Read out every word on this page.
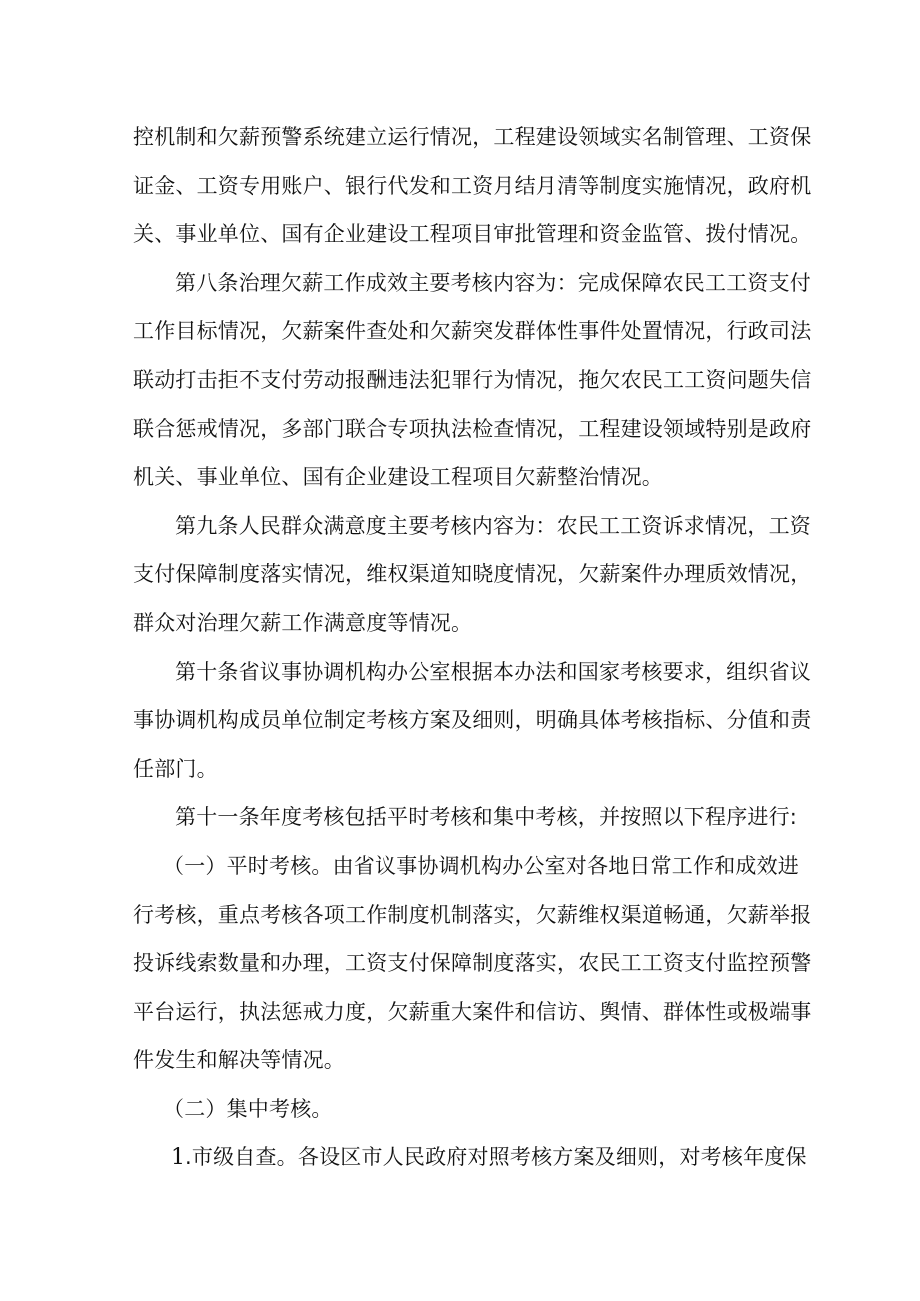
控机制和欠薪预警系统建立运行情况，工程建设领域实名制管理、工资保
证金、工资专用账户、银行代发和工资月结月清等制度实施情况，政府机
关、事业单位、国有企业建设工程项目审批管理和资金监管、拨付情况。
第八条治理欠薪工作成效主要考核内容为：完成保障农民工工资支付
工作目标情况，欠薪案件查处和欠薪突发群体性事件处置情况，行政司法
联动打击拒不支付劳动报酬违法犯罪行为情况，拖欠农民工工资问题失信
联合惩戒情况，多部门联合专项执法检查情况，工程建设领域特别是政府
机关、事业单位、国有企业建设工程项目欠薪整治情况。
第九条人民群众满意度主要考核内容为：农民工工资诉求情况，工资
支付保障制度落实情况，维权渠道知晓度情况，欠薪案件办理质效情况，
群众对治理欠薪工作满意度等情况。
第十条省议事协调机构办公室根据本办法和国家考核要求，组织省议
事协调机构成员单位制定考核方案及细则，明确具体考核指标、分值和责
任部门。
第十一条年度考核包括平时考核和集中考核，并按照以下程序进行:
（一）平时考核。由省议事协调机构办公室对各地日常工作和成效进
行考核，重点考核各项工作制度机制落实，欠薪维权渠道畅通，欠薪举报
投诉线索数量和办理，工资支付保障制度落实，农民工工资支付监控预警
平台运行，执法惩戒力度，欠薪重大案件和信访、舆情、群体性或极端事
件发生和解决等情况。
（二）集中考核。
1.市级自查。各设区市人民政府对照考核方案及细则，对考核年度保
